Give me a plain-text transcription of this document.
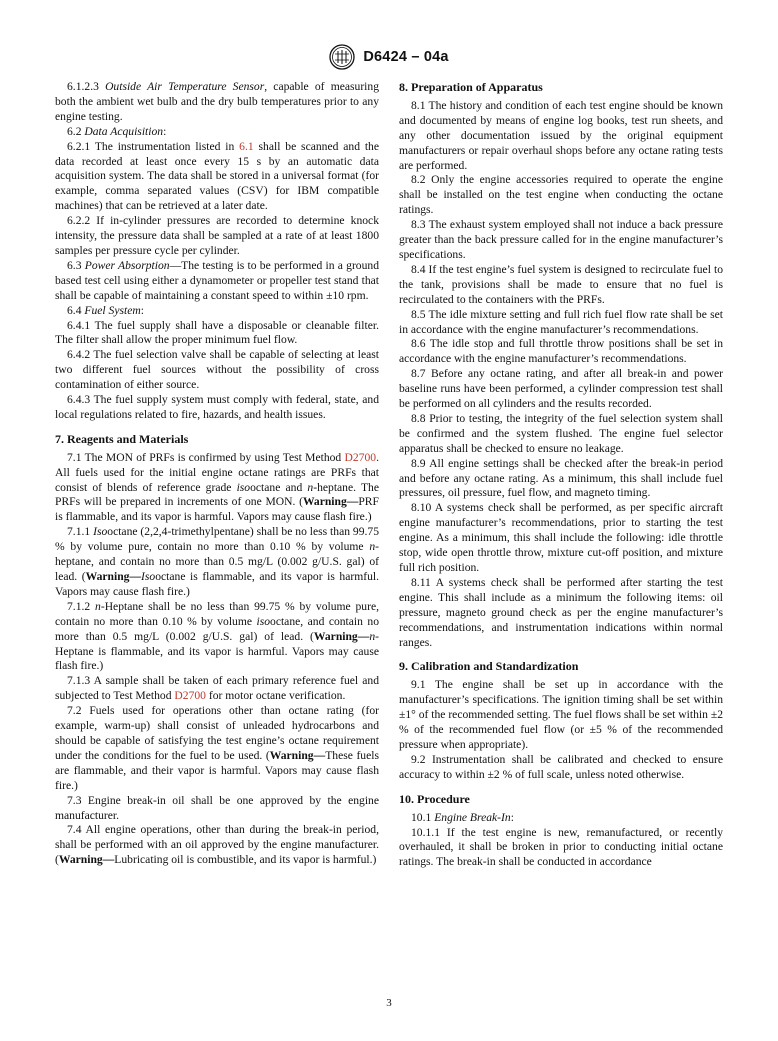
D6424 – 04a

6.1.2.3 Outside Air Temperature Sensor, capable of measuring both the ambient wet bulb and the dry bulb temperatures prior to any engine testing.

6.2 Data Acquisition:

6.2.1 The instrumentation listed in 6.1 shall be scanned and the data recorded at least once every 15 s by an automatic data acquisition system. The data shall be stored in a universal format (for example, comma separated values (CSV) for IBM compatible machines) that can be retrieved at a later date.

6.2.2 If in-cylinder pressures are recorded to determine knock intensity, the pressure data shall be sampled at a rate of at least 1800 samples per pressure cycle per cylinder.

6.3 Power Absorption—The testing is to be performed in a ground based test cell using either a dynamometer or propeller test stand that shall be capable of maintaining a constant speed to within ±10 rpm.

6.4 Fuel System:

6.4.1 The fuel supply shall have a disposable or cleanable filter. The filter shall allow the proper minimum fuel flow.

6.4.2 The fuel selection valve shall be capable of selecting at least two different fuel sources without the possibility of cross contamination of either source.

6.4.3 The fuel supply system must comply with federal, state, and local regulations related to fire, hazards, and health issues.

7. Reagents and Materials

7.1 The MON of PRFs is confirmed by using Test Method D2700. All fuels used for the initial engine octane ratings are PRFs that consist of blends of reference grade isooctane and n-heptane. The PRFs will be prepared in increments of one MON. (Warning—PRF is flammable, and its vapor is harmful. Vapors may cause flash fire.)

7.1.1 Isooctane (2,2,4-trimethylpentane) shall be no less than 99.75 % by volume pure, contain no more than 0.10 % by volume n-heptane, and contain no more than 0.5 mg/L (0.002 g/U.S. gal) of lead. (Warning—Isooctane is flammable, and its vapor is harmful. Vapors may cause flash fire.)

7.1.2 n-Heptane shall be no less than 99.75 % by volume pure, contain no more than 0.10 % by volume isooctane, and contain no more than 0.5 mg/L (0.002 g/U.S. gal) of lead. (Warning—n-Heptane is flammable, and its vapor is harmful. Vapors may cause flash fire.)

7.1.3 A sample shall be taken of each primary reference fuel and subjected to Test Method D2700 for motor octane verification.

7.2 Fuels used for operations other than octane rating (for example, warm-up) shall consist of unleaded hydrocarbons and should be capable of satisfying the test engine’s octane requirement under the conditions for the fuel to be used. (Warning—These fuels are flammable, and their vapor is harmful. Vapors may cause flash fire.)

7.3 Engine break-in oil shall be one approved by the engine manufacturer.

7.4 All engine operations, other than during the break-in period, shall be performed with an oil approved by the engine manufacturer. (Warning—Lubricating oil is combustible, and its vapor is harmful.)

8. Preparation of Apparatus

8.1 The history and condition of each test engine should be known and documented by means of engine log books, test run sheets, and any other documentation issued by the original equipment manufacturers or repair overhaul shops before any octane rating tests are performed.

8.2 Only the engine accessories required to operate the engine shall be installed on the test engine when conducting the octane ratings.

8.3 The exhaust system employed shall not induce a back pressure greater than the back pressure called for in the engine manufacturer’s specifications.

8.4 If the test engine’s fuel system is designed to recirculate fuel to the tank, provisions shall be made to ensure that no fuel is recirculated to the containers with the PRFs.

8.5 The idle mixture setting and full rich fuel flow rate shall be set in accordance with the engine manufacturer’s recommendations.

8.6 The idle stop and full throttle throw positions shall be set in accordance with the engine manufacturer’s recommendations.

8.7 Before any octane rating, and after all break-in and power baseline runs have been performed, a cylinder compression test shall be performed on all cylinders and the results recorded.

8.8 Prior to testing, the integrity of the fuel selection system shall be confirmed and the system flushed. The engine fuel selector apparatus shall be checked to ensure no leakage.

8.9 All engine settings shall be checked after the break-in period and before any octane rating. As a minimum, this shall include fuel pressures, oil pressure, fuel flow, and magneto timing.

8.10 A systems check shall be performed, as per specific aircraft engine manufacturer’s recommendations, prior to starting the test engine. As a minimum, this shall include the following: idle throttle stop, wide open throttle throw, mixture cut-off position, and mixture full rich position.

8.11 A systems check shall be performed after starting the test engine. This shall include as a minimum the following items: oil pressure, magneto ground check as per the engine manufacturer’s recommendations, and instrumentation indications within normal ranges.

9. Calibration and Standardization

9.1 The engine shall be set up in accordance with the manufacturer’s specifications. The ignition timing shall be set within ±1° of the recommended setting. The fuel flows shall be set within ±2 % of the recommended fuel flow (or ±5 % of the recommended pressure when appropriate).

9.2 Instrumentation shall be calibrated and checked to ensure accuracy to within ±2 % of full scale, unless noted otherwise.

10. Procedure

10.1 Engine Break-In:

10.1.1 If the test engine is new, remanufactured, or recently overhauled, it shall be broken in prior to conducting initial octane ratings. The break-in shall be conducted in accordance

3
